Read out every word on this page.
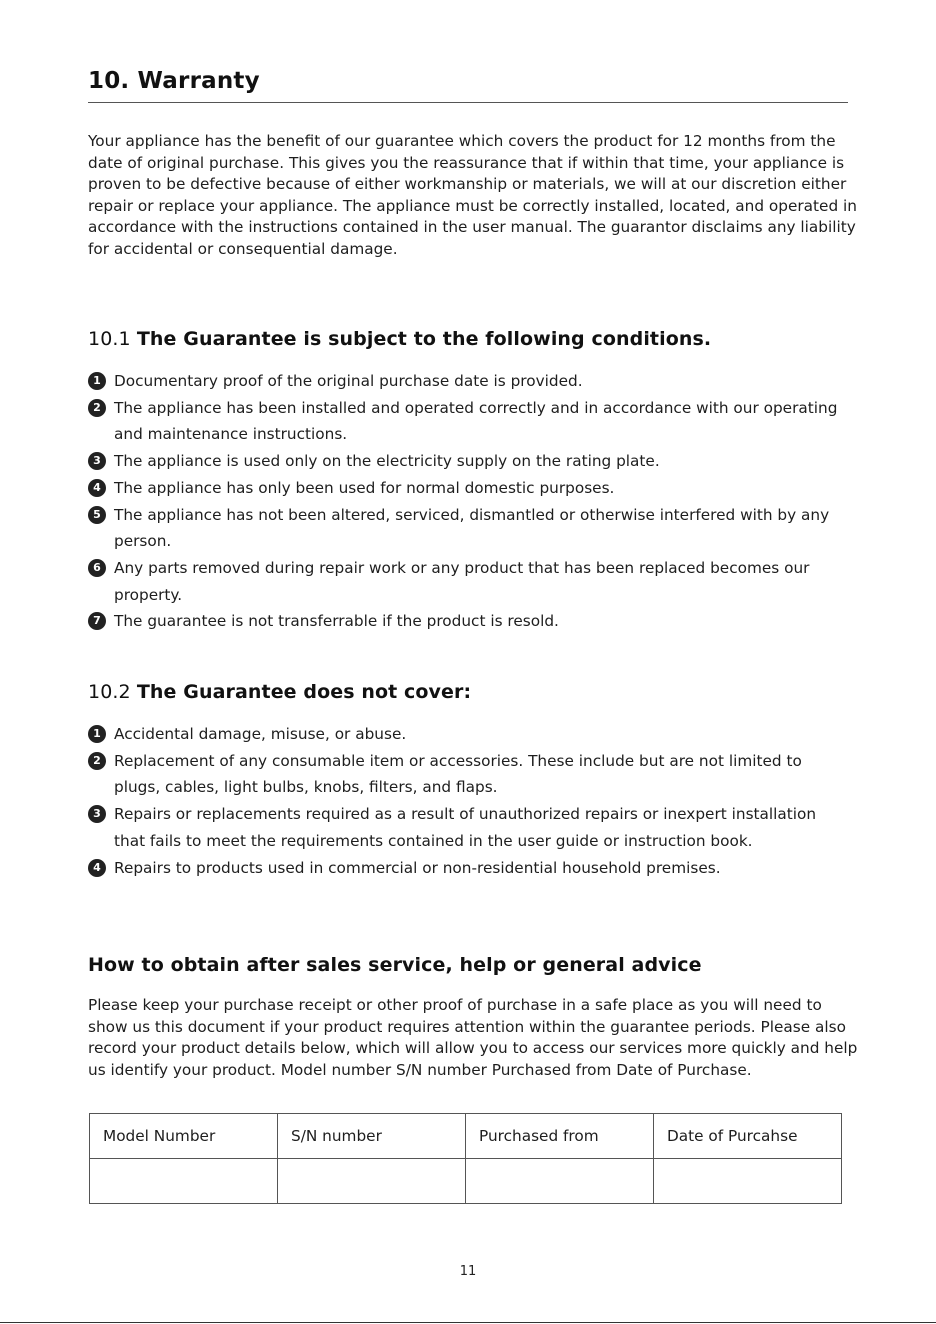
10. Warranty

Your appliance has the benefit of our guarantee which covers the product for 12 months from the date of original purchase. This gives you the reassurance that if within that time, your appliance is proven to be defective because of either workmanship or materials, we will at our discretion either repair or replace your appliance. The appliance must be correctly installed, located, and operated in accordance with the instructions contained in the user manual. The guarantor disclaims any liability for accidental or consequential damage.

10.1 The Guarantee is subject to the following conditions.
1 Documentary proof of the original purchase date is provided.
2 The appliance has been installed and operated correctly and in accordance with our operating and maintenance instructions.
3 The appliance is used only on the electricity supply on the rating plate.
4 The appliance has only been used for normal domestic purposes.
5 The appliance has not been altered, serviced, dismantled or otherwise interfered with by any person.
6 Any parts removed during repair work or any product that has been replaced becomes our property.
7 The guarantee is not transferrable if the product is resold.
10.2 The Guarantee does not cover:
1 Accidental damage, misuse, or abuse.
2 Replacement of any consumable item or accessories. These include but are not limited to plugs, cables, light bulbs, knobs, filters, and flaps.
3 Repairs or replacements required as a result of unauthorized repairs or inexpert installation that fails to meet the requirements contained in the user guide or instruction book.
4 Repairs to products used in commercial or non-residential household premises.
How to obtain after sales service, help or general advice

Please keep your purchase receipt or other proof of purchase in a safe place as you will need to show us this document if your product requires attention within the guarantee periods. Please also record your product details below, which will allow you to access our services more quickly and help us identify your product. Model number S/N number Purchased from Date of Purchase.

Model Number	S/N number	Purchased from	Date of Purcahse

11
